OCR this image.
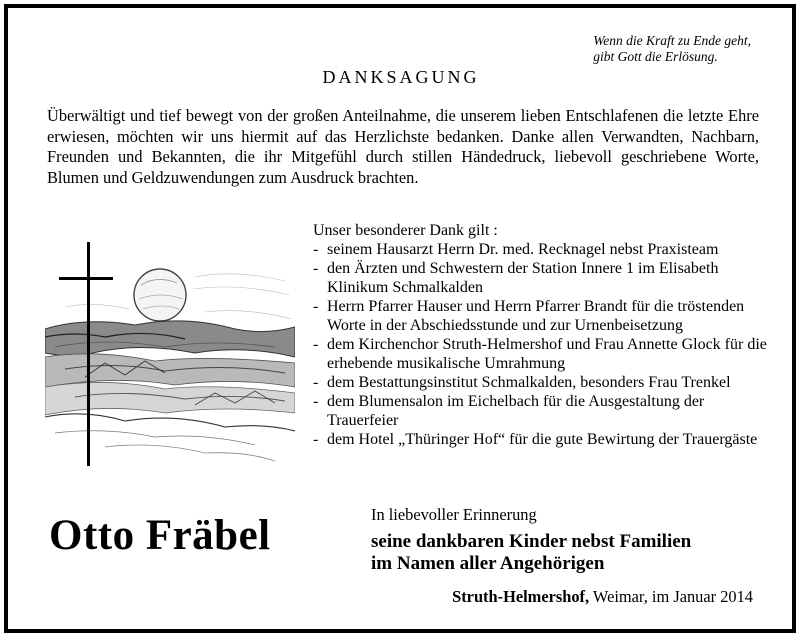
Wenn die Kraft zu Ende geht,
gibt Gott die Erlösung.
DANKSAGUNG
Überwältigt und tief bewegt von der großen Anteilnahme, die unserem lieben Entschlafenen die letzte Ehre erwiesen, möchten wir uns hiermit auf das Herzlichste bedanken. Danke allen Verwandten, Nachbarn, Freunden und Bekannten, die ihr Mitgefühl durch stillen Händedruck, liebevoll geschriebene Worte, Blumen und Geldzuwendungen zum Ausdruck brachten.
Unser besonderer Dank gilt :
- seinem Hausarzt Herrn Dr. med. Recknagel nebst Praxisteam
- den Ärzten und Schwestern der Station Innere 1 im Elisabeth Klinikum Schmalkalden
- Herrn Pfarrer Hauser und Herrn Pfarrer Brandt für die tröstenden Worte in der Abschiedsstunde und zur Urnenbeisetzung
- dem Kirchenchor Struth-Helmershof und Frau Annette Glock für die erhebende musikalische Umrahmung
- dem Bestattungsinstitut Schmalkalden, besonders Frau Trenkel
- dem Blumensalon im Eichelbach für die Ausgestaltung der Trauerfeier
- dem Hotel „Thüringer Hof“ für die gute Bewirtung der Trauergäste
Otto Fräbel	In liebevoller Erinnerung
seine dankbaren Kinder nebst Familien
im Namen aller Angehörigen
Struth-Helmershof, Weimar, im Januar 2014
